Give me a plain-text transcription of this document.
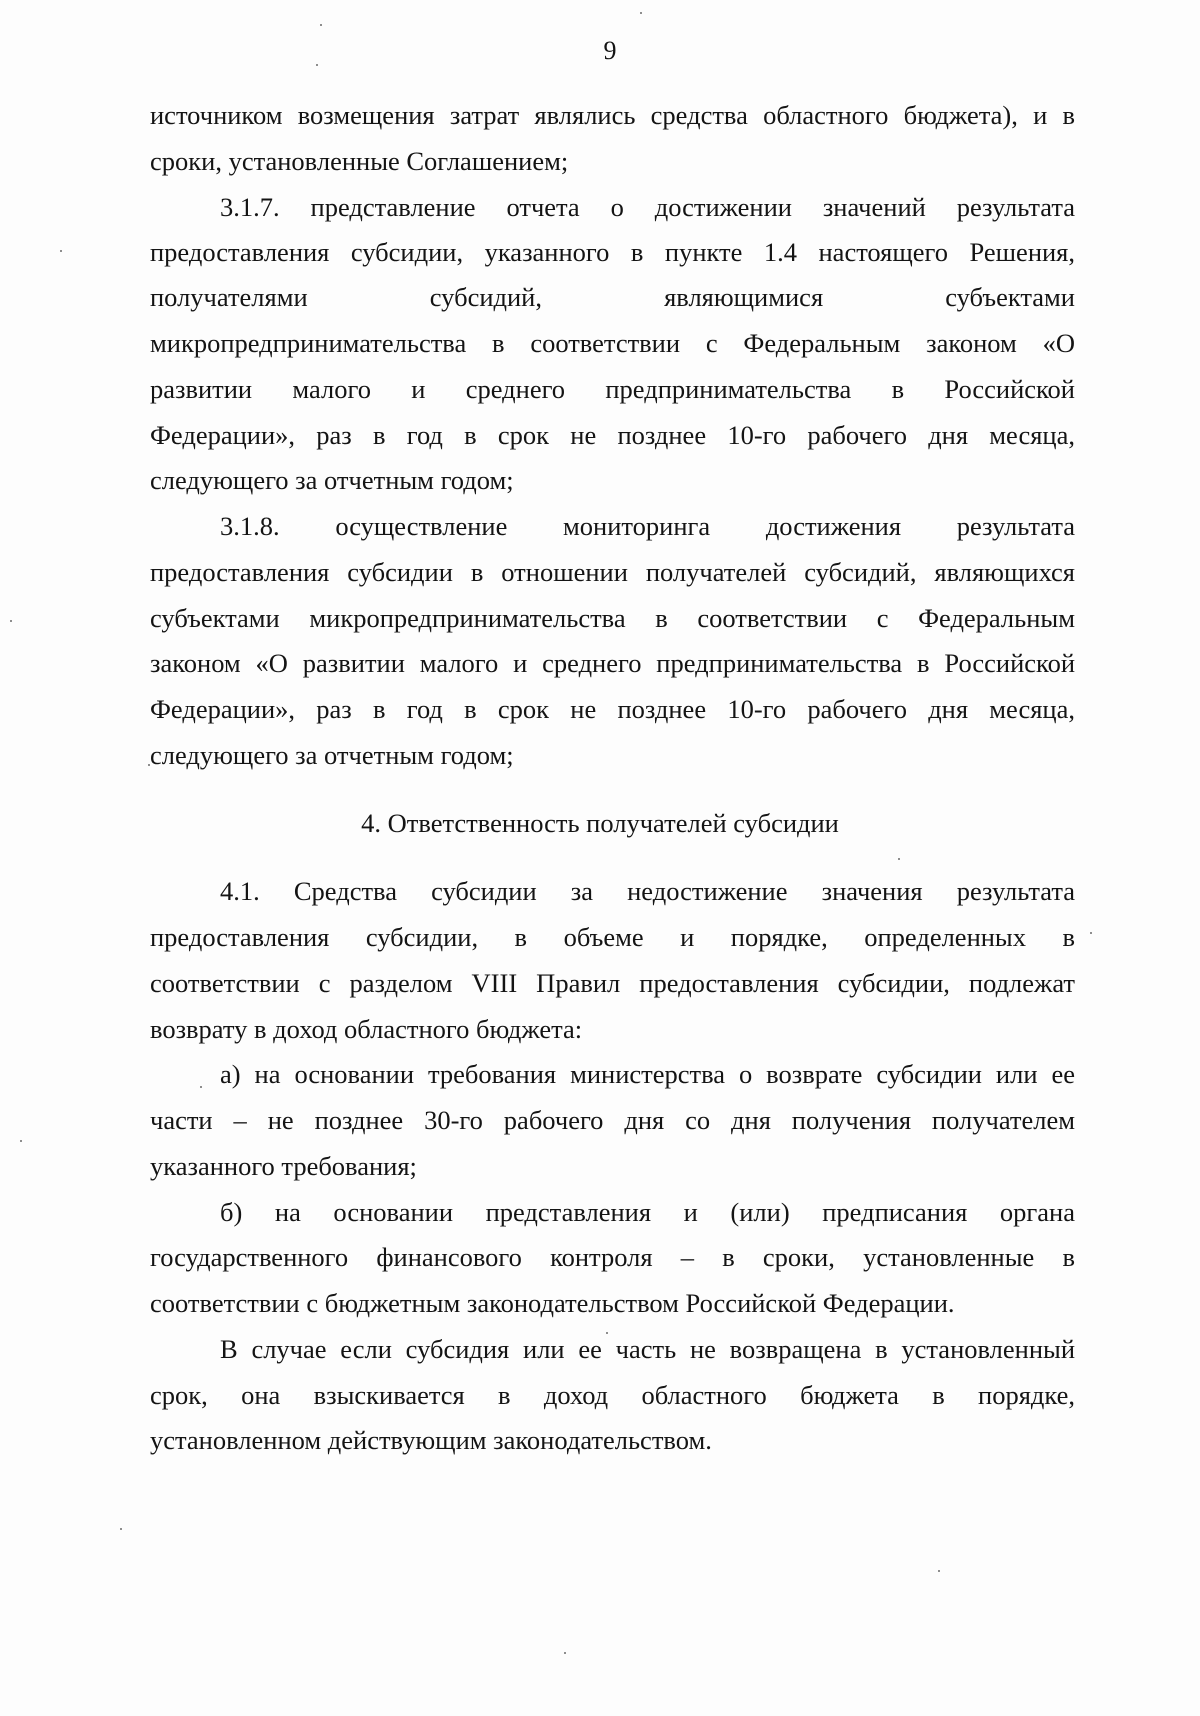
9
источником возмещения затрат являлись средства областного бюджета), и в
сроки, установленные Соглашением;
3.1.7. представление отчета о достижении значений результата
предоставления субсидии, указанного в пункте 1.4 настоящего Решения,
получателями субсидий, являющимися субъектами
микропредпринимательства в соответствии с Федеральным законом «О
развитии малого и среднего предпринимательства в Российской
Федерации», раз в год в срок не позднее 10-го рабочего дня месяца,
следующего за отчетным годом;
3.1.8. осуществление мониторинга достижения результата
предоставления субсидии в отношении получателей субсидий, являющихся
субъектами микропредпринимательства в соответствии с Федеральным
законом «О развитии малого и среднего предпринимательства в Российской
Федерации», раз в год в срок не позднее 10-го рабочего дня месяца,
следующего за отчетным годом;
4. Ответственность получателей субсидии
4.1. Средства субсидии за недостижение значения результата
предоставления субсидии, в объеме и порядке, определенных в
соответствии с разделом VIII Правил предоставления субсидии, подлежат
возврату в доход областного бюджета:
а) на основании требования министерства о возврате субсидии или ее
части – не позднее 30-го рабочего дня со дня получения получателем
указанного требования;
б) на основании представления и (или) предписания органа
государственного финансового контроля – в сроки, установленные в
соответствии с бюджетным законодательством Российской Федерации.
В случае если субсидия или ее часть не возвращена в установленный
срок, она взыскивается в доход областного бюджета в порядке,
установленном действующим законодательством.
